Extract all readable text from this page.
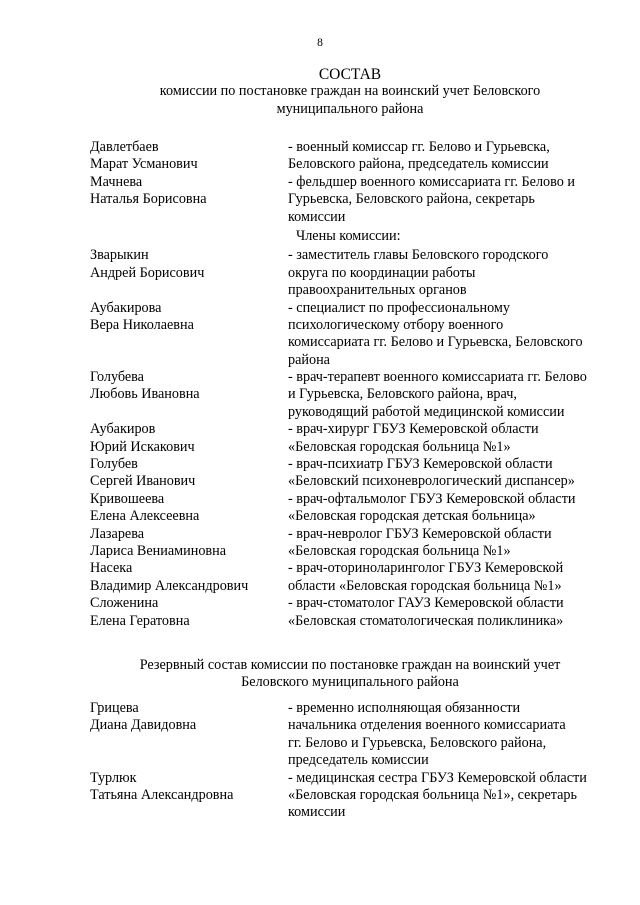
8
СОСТАВ
комиссии по постановке граждан на воинский учет Беловского
муниципального района
Давлетбаев
Марат Усманович
- военный комиссар гг. Белово и Гурьевска,
Беловского района, председатель комиссии
Мачнева
Наталья Борисовна
- фельдшер военного комиссариата гг. Белово и
Гурьевска, Беловского района, секретарь
комиссии
Члены комиссии:
Зварыкин
Андрей Борисович
- заместитель главы Беловского городского
округа по координации работы
правоохранительных органов
Аубакирова
Вера Николаевна
- специалист по профессиональному
психологическому отбору военного
комиссариата гг. Белово и Гурьевска, Беловского
района
Голубева
Любовь Ивановна
- врач-терапевт военного комиссариата гг. Белово
и Гурьевска, Беловского района, врач,
руководящий работой медицинской комиссии
Аубакиров
Юрий Искакович
- врач-хирург ГБУЗ Кемеровской области
«Беловская городская больница №1»
Голубев
Сергей Иванович
- врач-психиатр ГБУЗ Кемеровской области
«Беловский психоневрологический диспансер»
Кривошеева
Елена Алексеевна
- врач-офтальмолог ГБУЗ Кемеровской области
«Беловская городская детская больница»
Лазарева
Лариса Вениаминовна
- врач-невролог ГБУЗ Кемеровской области
«Беловская городская больница №1»
Насека
Владимир Александрович
- врач-оториноларинголог ГБУЗ Кемеровской
области «Беловская городская больница №1»
Сложенина
Елена Гератовна
- врач-стоматолог ГАУЗ Кемеровской области
«Беловская стоматологическая поликлиника»
Резервный состав комиссии по постановке граждан на воинский учет
Беловского муниципального района
Грицева
Диана Давидовна
- временно исполняющая обязанности
начальника отделения военного комиссариата
гг. Белово и Гурьевска, Беловского района,
председатель комиссии
Турлюк
Татьяна Александровна
- медицинская сестра ГБУЗ Кемеровской области
«Беловская городская больница №1», секретарь
комиссии
